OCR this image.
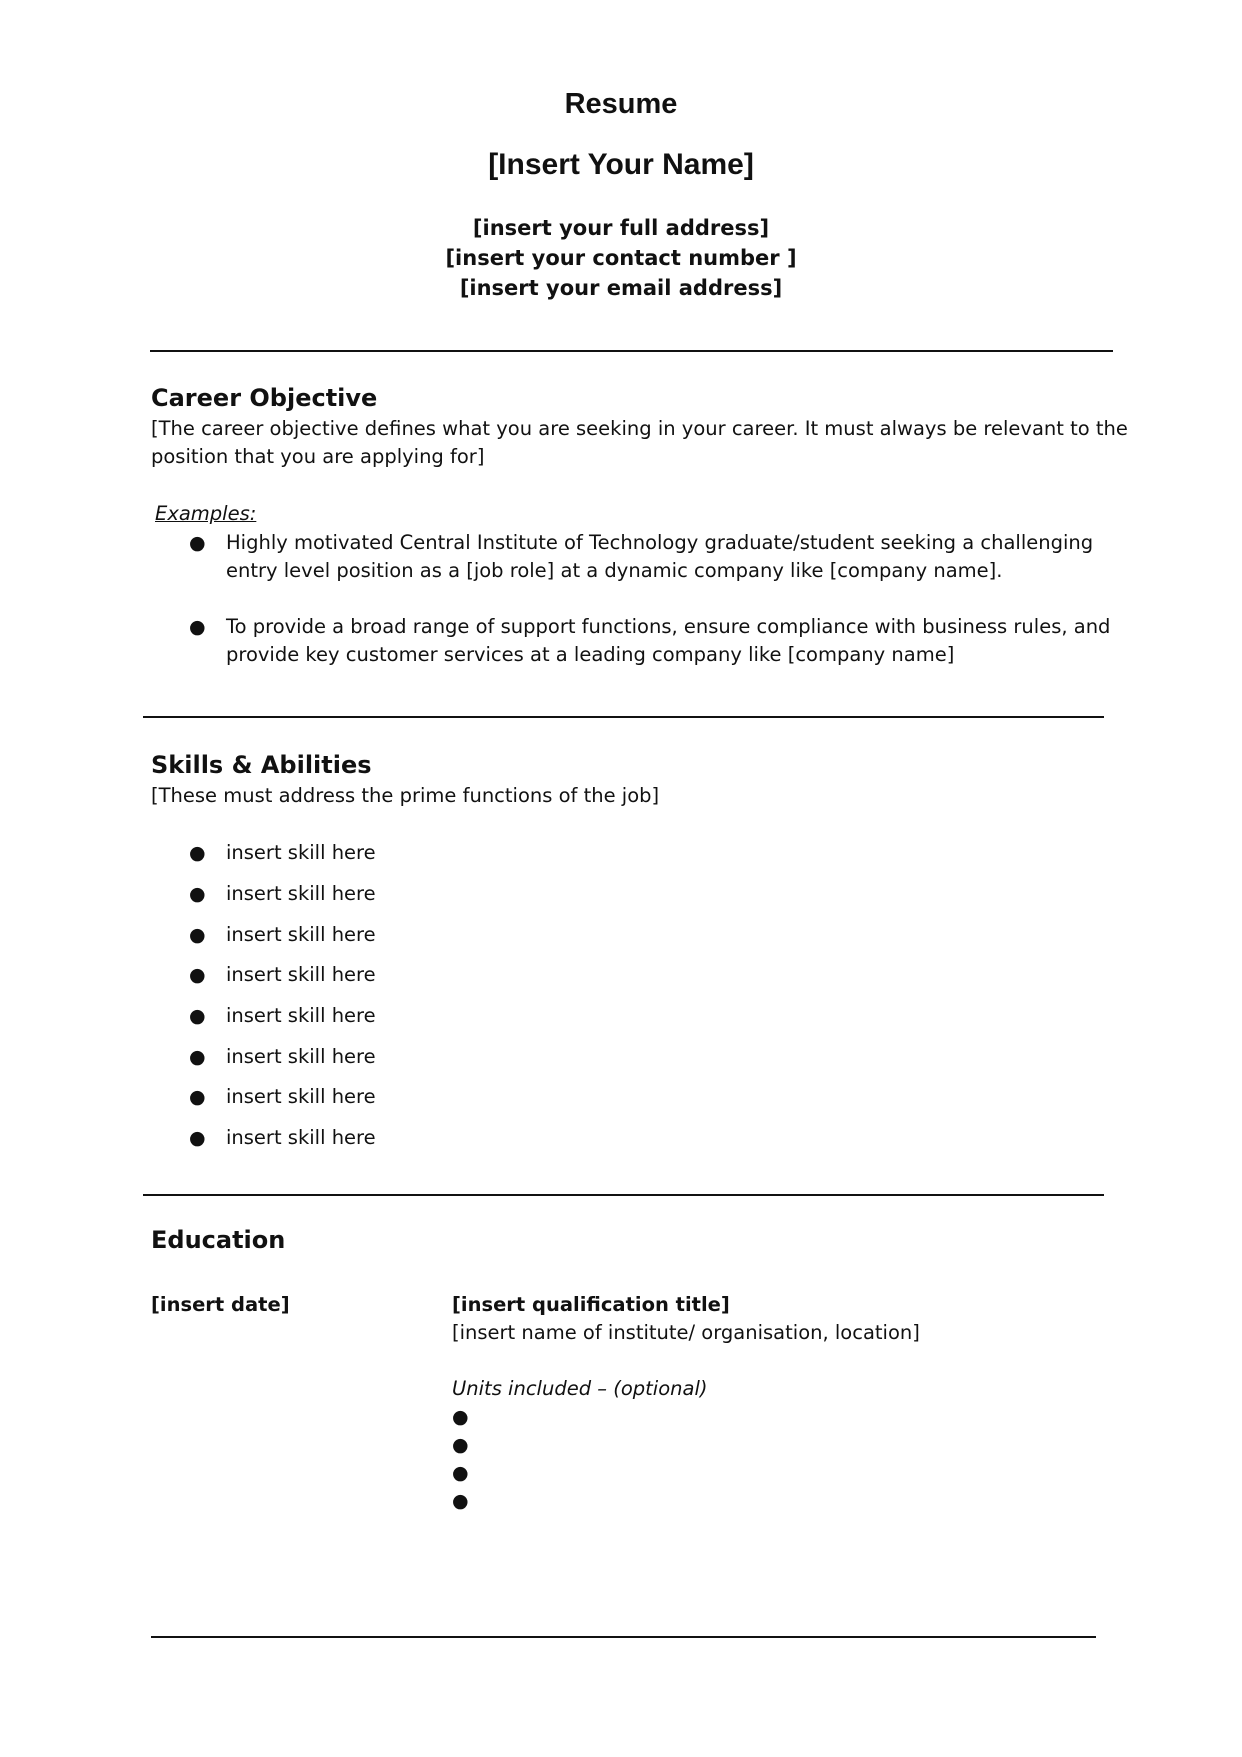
Resume
[Insert Your Name]
[insert your full address]
[insert your contact number ]
[insert your email address]
Career Objective
[The career objective defines what you are seeking in your career. It must always be relevant to the
position that you are applying for]
Examples:
● Highly motivated Central Institute of Technology graduate/student seeking a challenging
entry level position as a [job role] at a dynamic company like [company name].
● To provide a broad range of support functions, ensure compliance with business rules, and
provide key customer services at a leading company like [company name]
Skills & Abilities
[These must address the prime functions of the job]
● insert skill here
● insert skill here
● insert skill here
● insert skill here
● insert skill here
● insert skill here
● insert skill here
● insert skill here
Education
[insert date]	[insert qualification title]
[insert name of institute/ organisation, location]
Units included – (optional)
●
●
●
●
